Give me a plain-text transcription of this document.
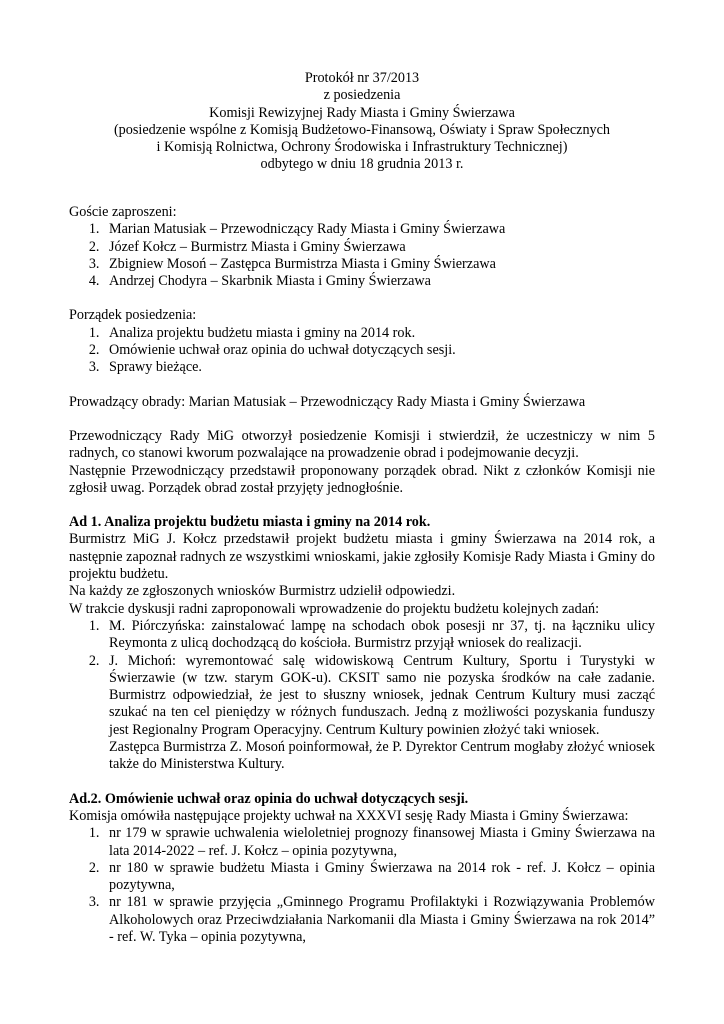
Protokół nr 37/2013
z posiedzenia
Komisji Rewizyjnej Rady Miasta i Gminy Świerzawa
(posiedzenie wspólne z Komisją Budżetowo-Finansową, Oświaty i Spraw Społecznych
i Komisją Rolnictwa, Ochrony Środowiska i Infrastruktury Technicznej)
odbytego w dniu 18 grudnia 2013 r.

Goście zaproszeni:

1. Marian Matusiak – Przewodniczący Rady Miasta i Gminy Świerzawa
2. Józef Kołcz – Burmistrz Miasta i Gminy Świerzawa
3. Zbigniew Mosoń – Zastępca Burmistrza Miasta i Gminy Świerzawa
4. Andrzej Chodyra – Skarbnik Miasta i Gminy Świerzawa

Porządek posiedzenia:

1. Analiza projektu budżetu miasta i gminy na 2014 rok.
2. Omówienie uchwał oraz opinia do uchwał dotyczących sesji.
3. Sprawy bieżące.

Prowadzący obrady: Marian Matusiak – Przewodniczący Rady Miasta i Gminy Świerzawa

Przewodniczący Rady MiG otworzył posiedzenie Komisji i stwierdził, że uczestniczy w nim 5 radnych, co stanowi kworum pozwalające na prowadzenie obrad i podejmowanie decyzji.

Następnie Przewodniczący przedstawił proponowany porządek obrad. Nikt z członków Komisji nie zgłosił uwag. Porządek obrad został przyjęty jednogłośnie.

Ad 1. Analiza projektu budżetu miasta i gminy na 2014 rok.

Burmistrz MiG J. Kołcz przedstawił projekt budżetu miasta i gminy Świerzawa na 2014 rok, a następnie zapoznał radnych ze wszystkimi wnioskami, jakie zgłosiły Komisje Rady Miasta i Gminy do projektu budżetu.

Na każdy ze zgłoszonych wniosków Burmistrz udzielił odpowiedzi.

W trakcie dyskusji radni zaproponowali wprowadzenie do projektu budżetu kolejnych zadań:

1. M. Piórczyńska: zainstalować lampę na schodach obok posesji nr 37, tj. na łączniku ulicy Reymonta z ulicą dochodzącą do kościoła. Burmistrz przyjął wniosek do realizacji.
2. J. Michoń: wyremontować salę widowiskową Centrum Kultury, Sportu i Turystyki w Świerzawie (w tzw. starym GOK-u). CKSIT samo nie pozyska środków na całe zadanie. Burmistrz odpowiedział, że jest to słuszny wniosek, jednak Centrum Kultury musi zacząć szukać na ten cel pieniędzy w różnych funduszach. Jedną z możliwości pozyskania funduszy jest Regionalny Program Operacyjny. Centrum Kultury powinien złożyć taki wniosek.
Zastępca Burmistrza Z. Mosoń poinformował, że P. Dyrektor Centrum mogłaby złożyć wniosek także do Ministerstwa Kultury.
Ad.2. Omówienie uchwał oraz opinia do uchwał dotyczących sesji.

Komisja omówiła następujące projekty uchwał na XXXVI sesję Rady Miasta i Gminy Świerzawa:

1. nr 179 w sprawie uchwalenia wieloletniej prognozy finansowej Miasta i Gminy Świerzawa na lata 2014-2022 – ref. J. Kołcz – opinia pozytywna,
2. nr 180 w sprawie budżetu Miasta i Gminy Świerzawa na 2014 rok - ref. J. Kołcz – opinia pozytywna,
3. nr 181 w sprawie przyjęcia „Gminnego Programu Profilaktyki i Rozwiązywania Problemów Alkoholowych oraz Przeciwdziałania Narkomanii dla Miasta i Gminy Świerzawa na rok 2014” - ref. W. Tyka – opinia pozytywna,
